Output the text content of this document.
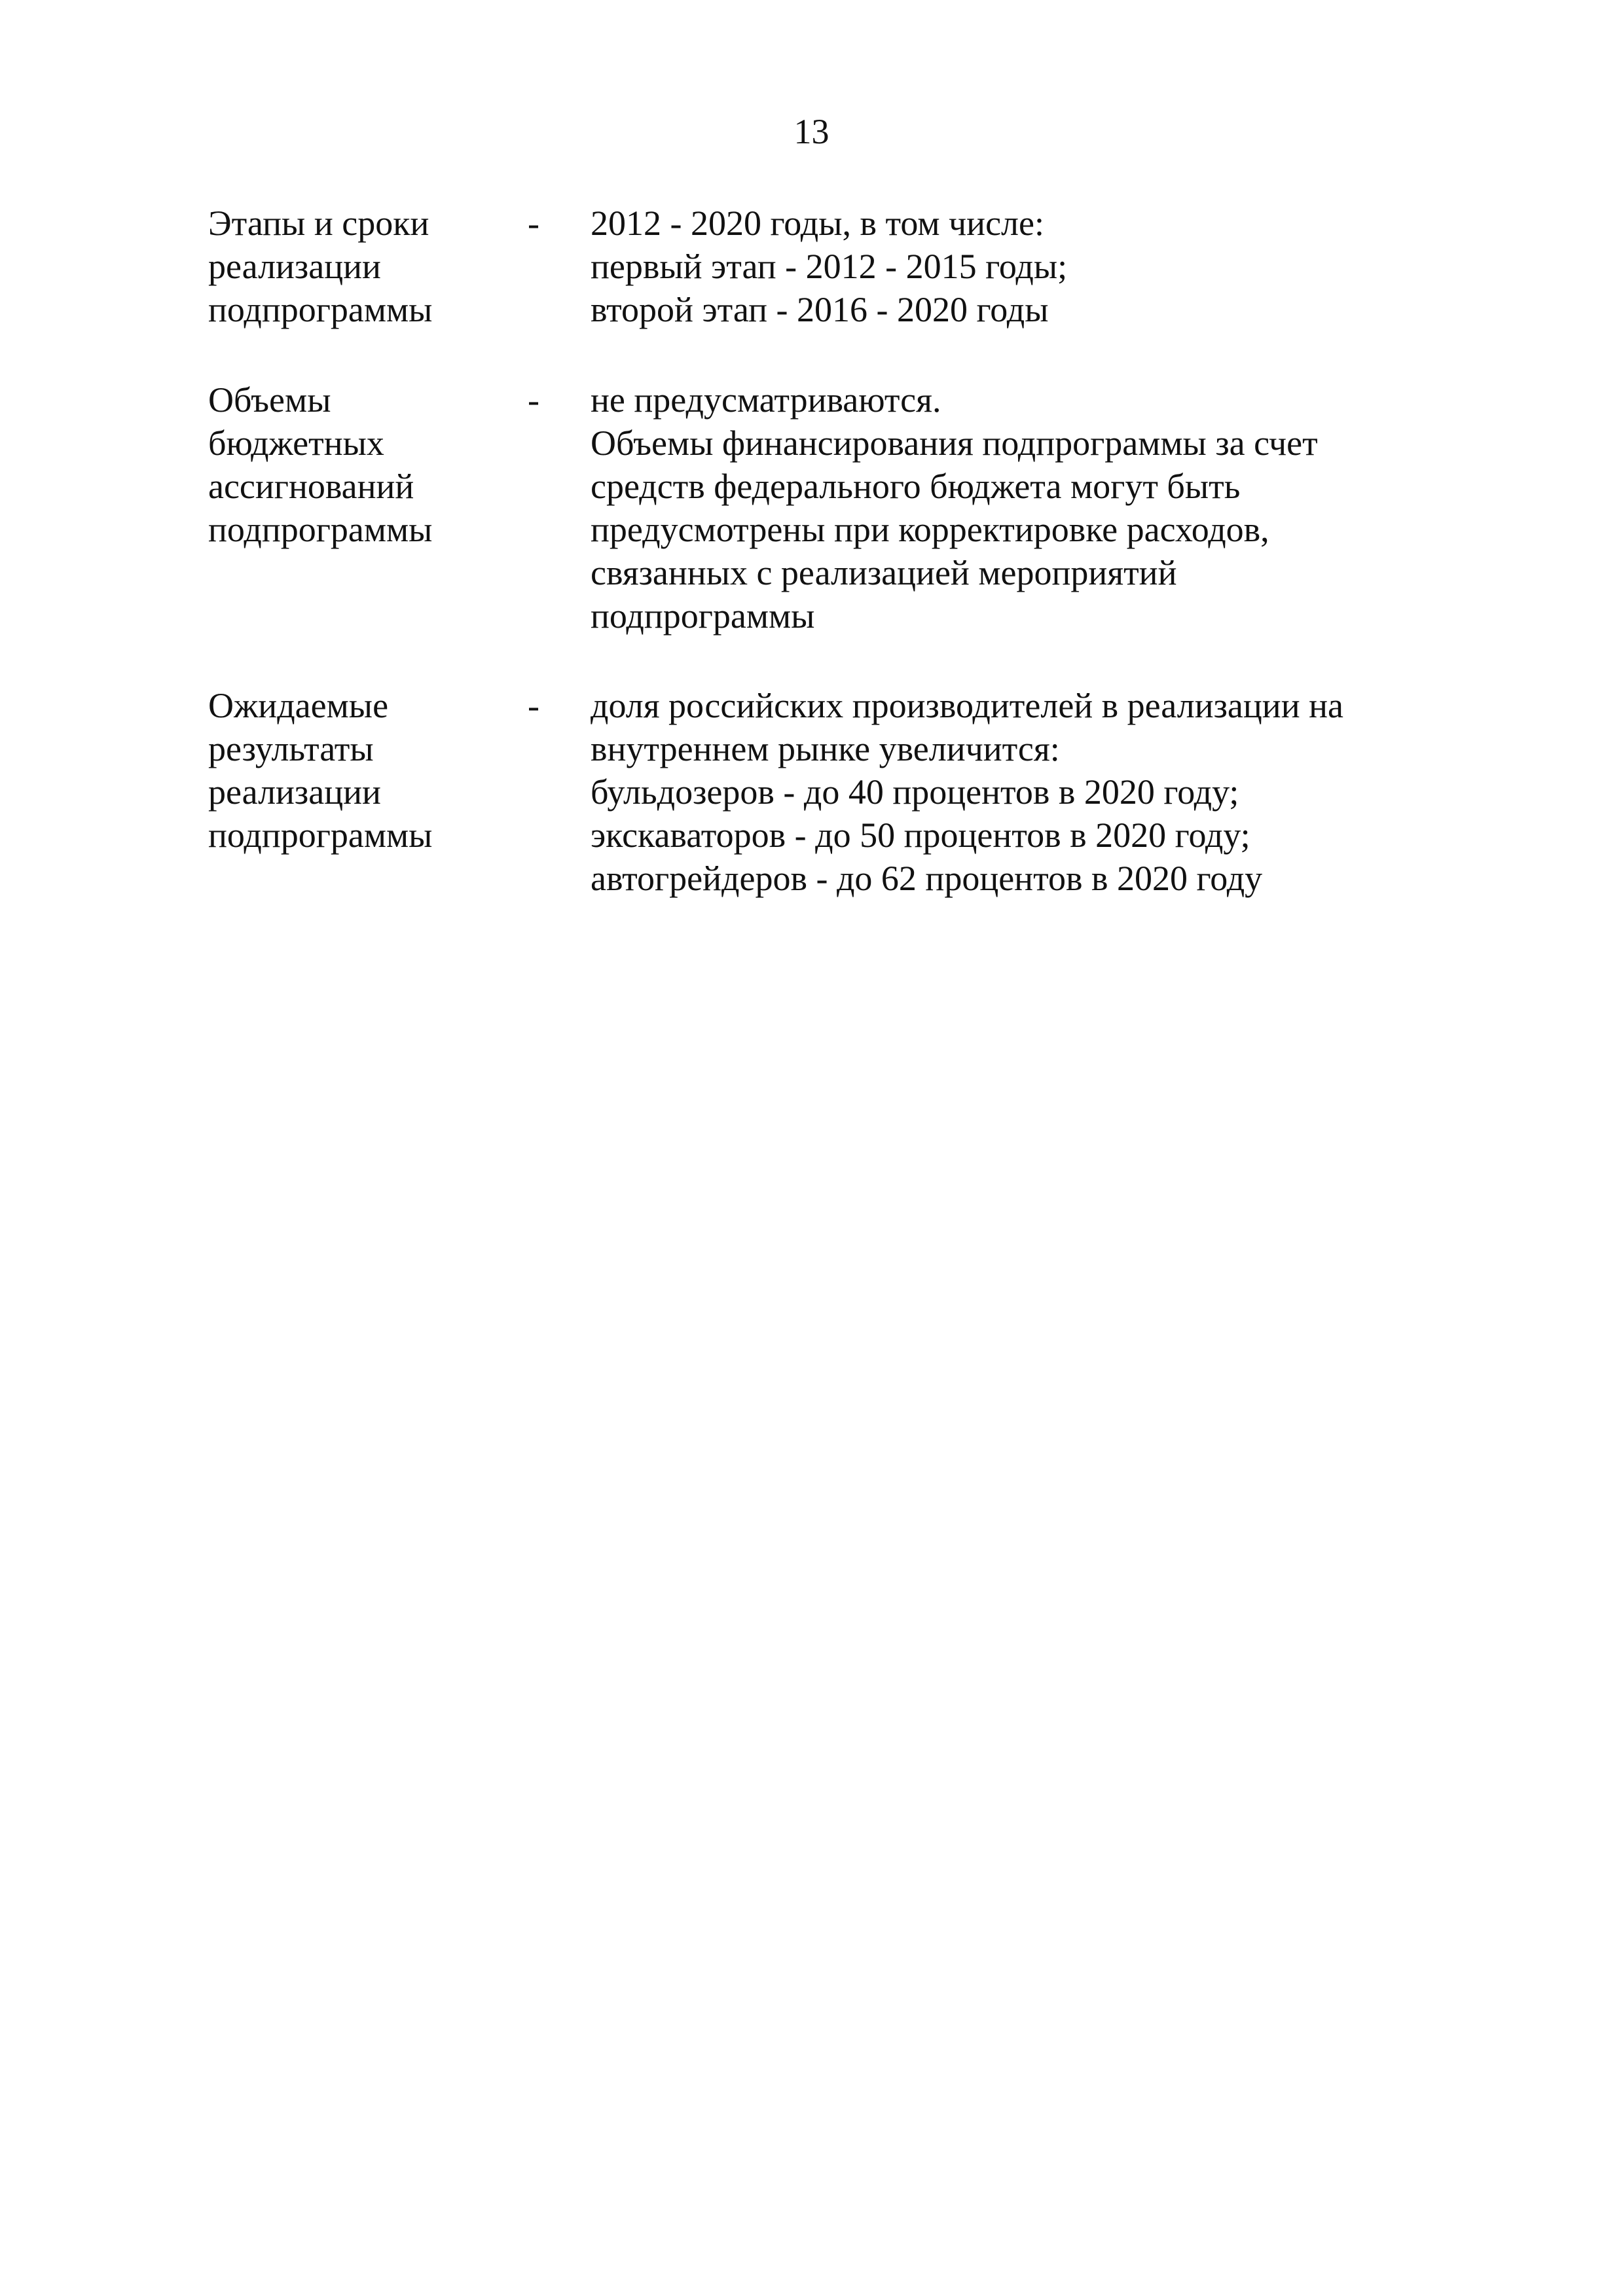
13
Этапы и сроки
реализации
подпрограммы
-	2012 - 2020 годы, в том числе:
первый этап - 2012 - 2015 годы;
второй этап - 2016 - 2020 годы
Объемы
бюджетных
ассигнований
подпрограммы
-	не предусматриваются.
Объемы финансирования подпрограммы за счет
средств федерального бюджета могут быть
предусмотрены при корректировке расходов,
связанных с реализацией мероприятий
подпрограммы
Ожидаемые
результаты
реализации
подпрограммы
-	доля российских производителей в реализации на
внутреннем рынке увеличится:
бульдозеров - до 40 процентов в 2020 году;
экскаваторов - до 50 процентов в 2020 году;
автогрейдеров - до 62 процентов в 2020 году
